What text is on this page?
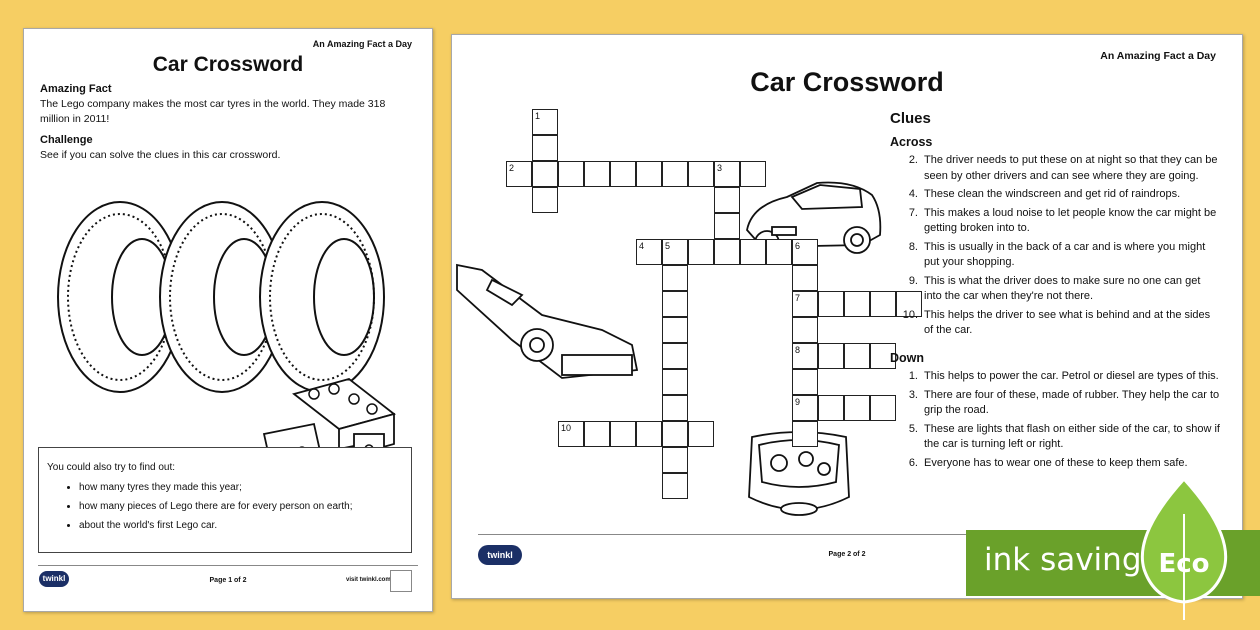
An Amazing Fact a Day
Car Crossword
Amazing Fact
The Lego company makes the most car tyres in the world. They made 318 million in 2011!
Challenge
See if you can solve the clues in this car crossword.
You could also try to find out:
• how many tyres they made this year;
• how many pieces of Lego there are for every person on earth;
• about the world's first Lego car.
twinkl	Page 1 of 2	visit twinkl.com
An Amazing Fact a Day
Car Crossword
1
2	3
4 5	6
7
8
9
10
Clues
Across
2. The driver needs to put these on at night so that they can be seen by other drivers and can see where they are going.
4. These clean the windscreen and get rid of raindrops.
7. This makes a loud noise to let people know the car might be getting broken into to.
8. This is usually in the back of a car and is where you might put your shopping.
9. This is what the driver does to make sure no one can get into the car when they're not there.
10. This helps the driver to see what is behind and at the sides of the car.
Down
1. This helps to power the car. Petrol or diesel are types of this.
3. There are four of these, made of rubber. They help the car to grip the road.
5. These are lights that flash on either side of the car, to show if the car is turning left or right.
6. Everyone has to wear one of these to keep them safe.
twinkl	Page 2 of 2	ink saving Eco
